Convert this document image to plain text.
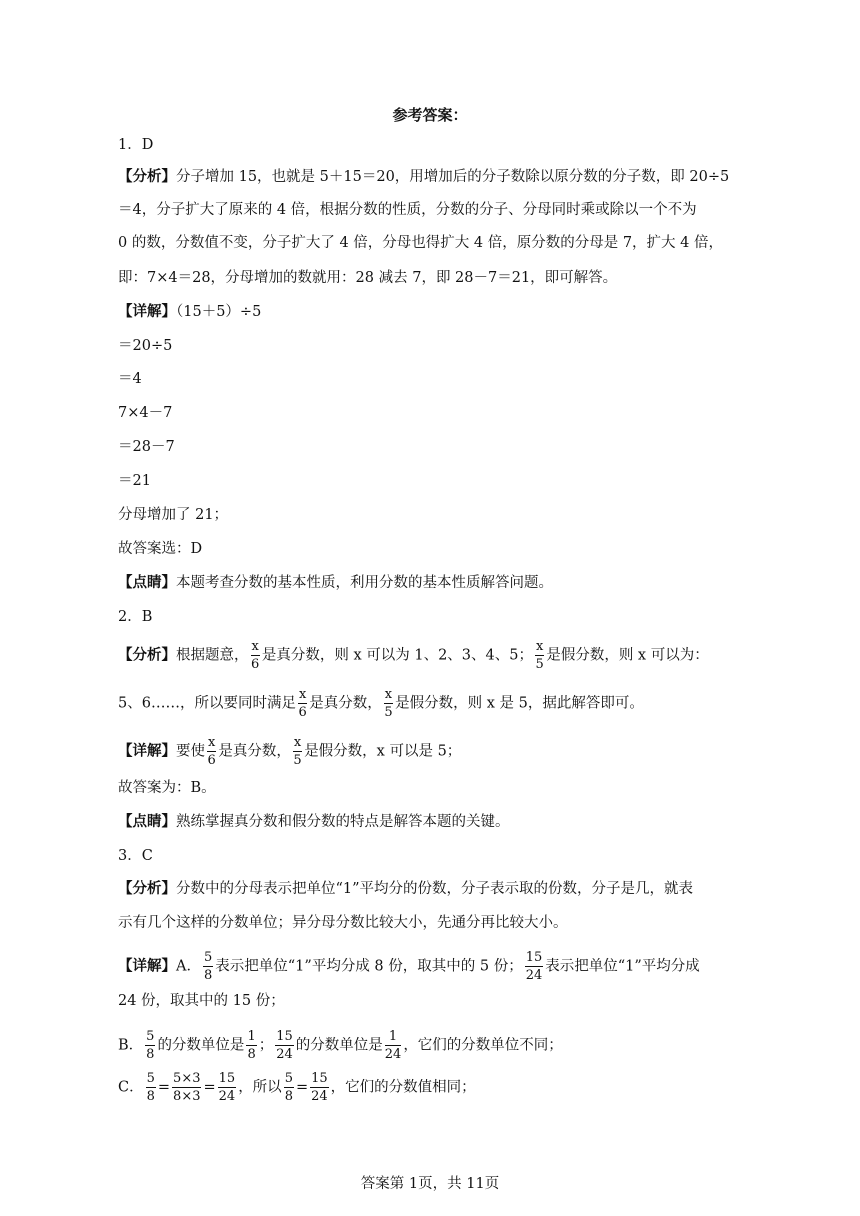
参考答案：
1．D
【分析】分子增加 15，也就是 5＋15＝20，用增加后的分子数除以原分数的分子数，即 20÷5
＝4，分子扩大了原来的 4 倍，根据分数的性质，分数的分子、分母同时乘或除以一个不为
0 的数，分数值不变，分子扩大了 4 倍，分母也得扩大 4 倍，原分数的分母是 7，扩大 4 倍，
即：7×4＝28，分母增加的数就用：28 减去 7，即 28－7＝21，即可解答。
【详解】（15＋5）÷5
＝20÷5
＝4
7×4－7
＝28－7
＝21
分母增加了 21；
故答案选：D
【点睛】本题考查分数的基本性质，利用分数的基本性质解答问题。
2．B
【分析】根据题意， $\frac{x}{6}$ 是真分数，则 x 可以为 1、2、3、4、5； $\frac{x}{5}$ 是假分数，则 x 可以为：
5、6……，所以要同时满足 $\frac{x}{6}$ 是真分数， $\frac{x}{5}$ 是假分数，则 x 是 5，据此解答即可。
【详解】要使 $\frac{x}{6}$ 是真分数， $\frac{x}{5}$ 是假分数，x 可以是 5；
故答案为：B。
【点睛】熟练掌握真分数和假分数的特点是解答本题的关键。
3．C
【分析】分数中的分母表示把单位“1”平均分的份数，分子表示取的份数，分子是几，就表
示有几个这样的分数单位；异分母分数比较大小，先通分再比较大小。
【详解】A． $\frac{5}{8}$ 表示把单位“1”平均分成 8 份，取其中的 5 份； $\frac{15}{24}$ 表示把单位“1”平均分成
24 份，取其中的 15 份；
B． $\frac{5}{8}$ 的分数单位是 $\frac{1}{8}$ ； $\frac{15}{24}$ 的分数单位是 $\frac{1}{24}$ ，它们的分数单位不同；
C． $\frac{5}{8} = \frac{5\times 3}{8\times 3} = \frac{15}{24}$ ，所以 $\frac{5}{8} = \frac{15}{24}$ ，它们的分数值相同；
答案第 1页，共 11页
